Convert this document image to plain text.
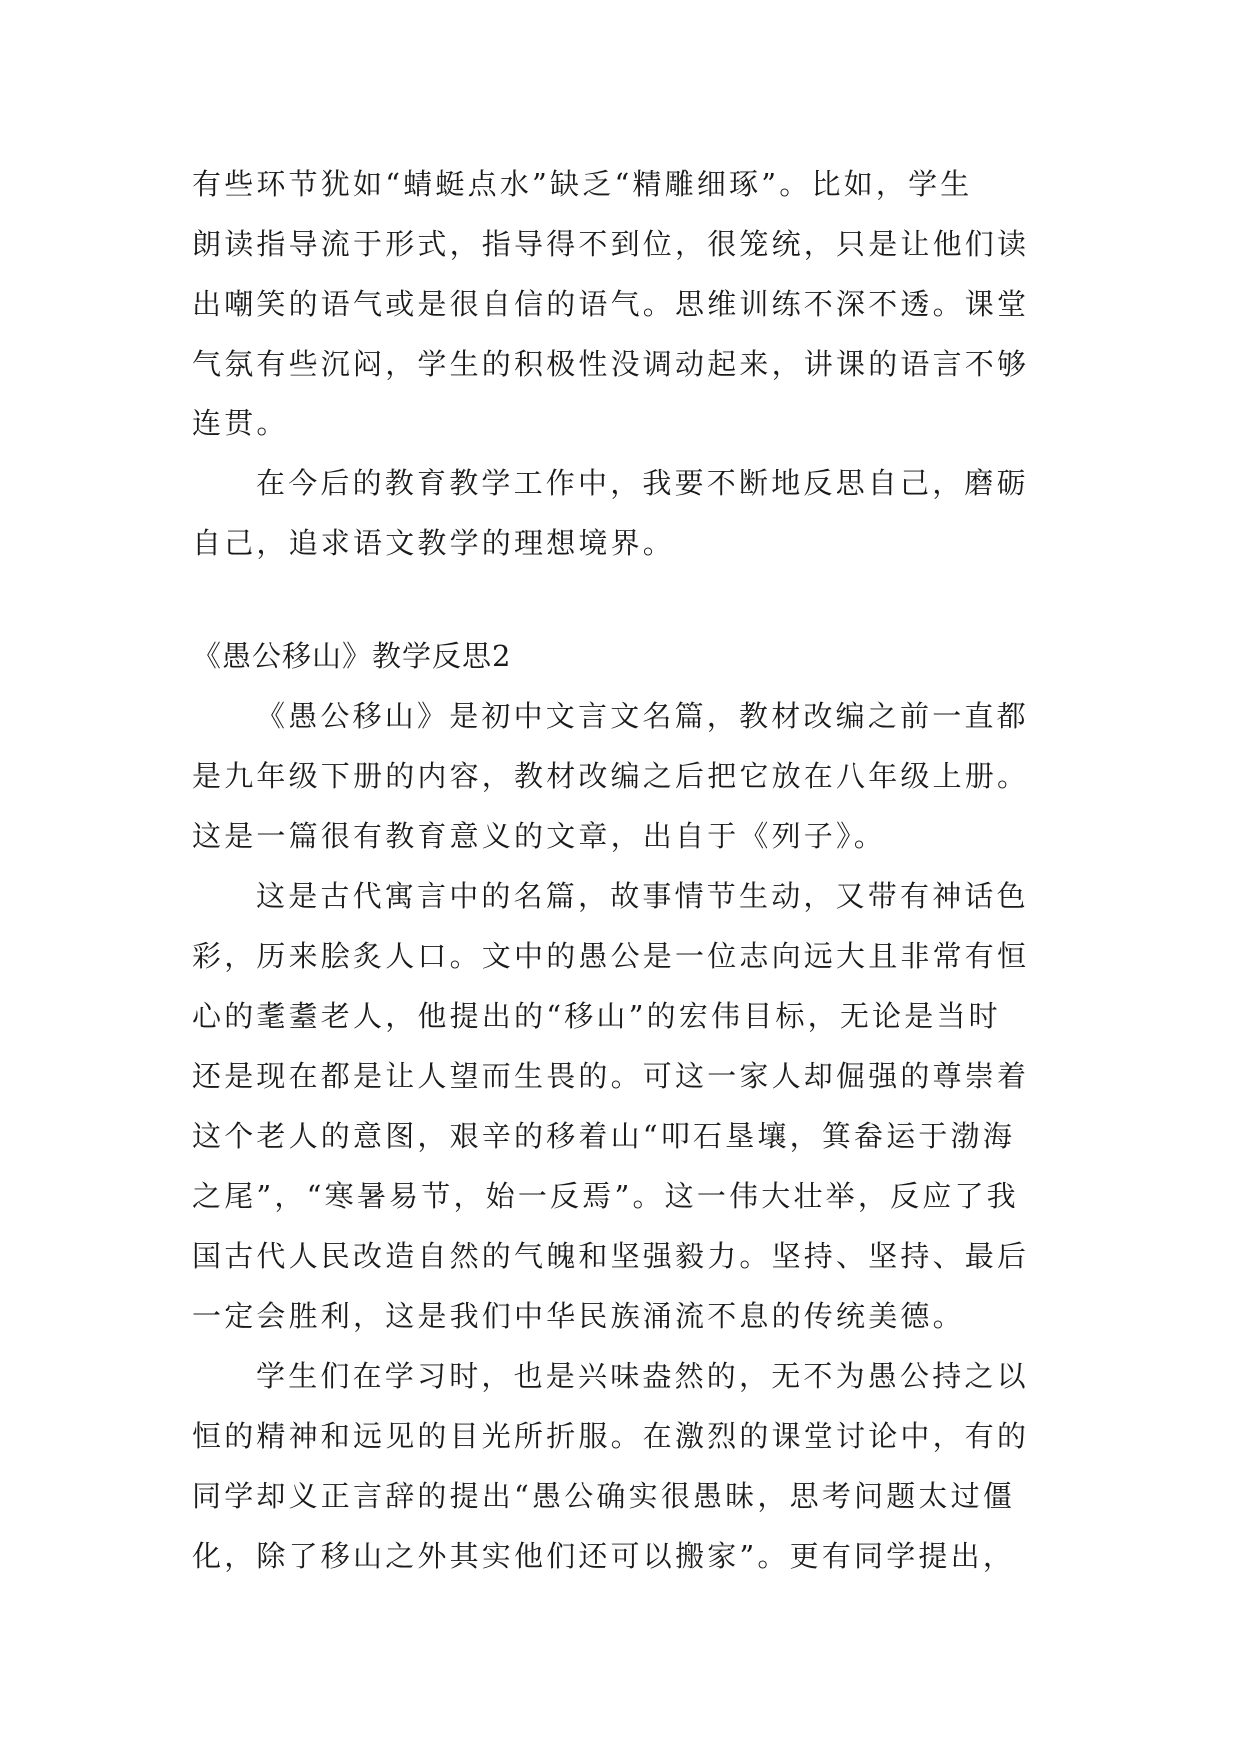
有些环节犹如“蜻蜓点水”缺乏“精雕细琢”。比如，学生
朗读指导流于形式，指导得不到位，很笼统，只是让他们读
出嘲笑的语气或是很自信的语气。思维训练不深不透。课堂
气氛有些沉闷，学生的积极性没调动起来，讲课的语言不够
连贯。
在今后的教育教学工作中，我要不断地反思自己，磨砺
自己，追求语文教学的理想境界。
《愚公移山》教学反思2
《愚公移山》是初中文言文名篇，教材改编之前一直都
是九年级下册的内容，教材改编之后把它放在八年级上册。
这是一篇很有教育意义的文章，出自于《列子》。
这是古代寓言中的名篇，故事情节生动，又带有神话色
彩，历来脍炙人口。文中的愚公是一位志向远大且非常有恒
心的耄耋老人，他提出的“移山”的宏伟目标，无论是当时
还是现在都是让人望而生畏的。可这一家人却倔强的尊崇着
这个老人的意图，艰辛的移着山“叩石垦壤，箕畚运于渤海
之尾”，“寒暑易节，始一反焉”。这一伟大壮举，反应了我
国古代人民改造自然的气魄和坚强毅力。坚持、坚持、最后
一定会胜利，这是我们中华民族涌流不息的传统美德。
学生们在学习时，也是兴味盎然的，无不为愚公持之以
恒的精神和远见的目光所折服。在激烈的课堂讨论中，有的
同学却义正言辞的提出“愚公确实很愚昧，思考问题太过僵
化，除了移山之外其实他们还可以搬家”。更有同学提出，
